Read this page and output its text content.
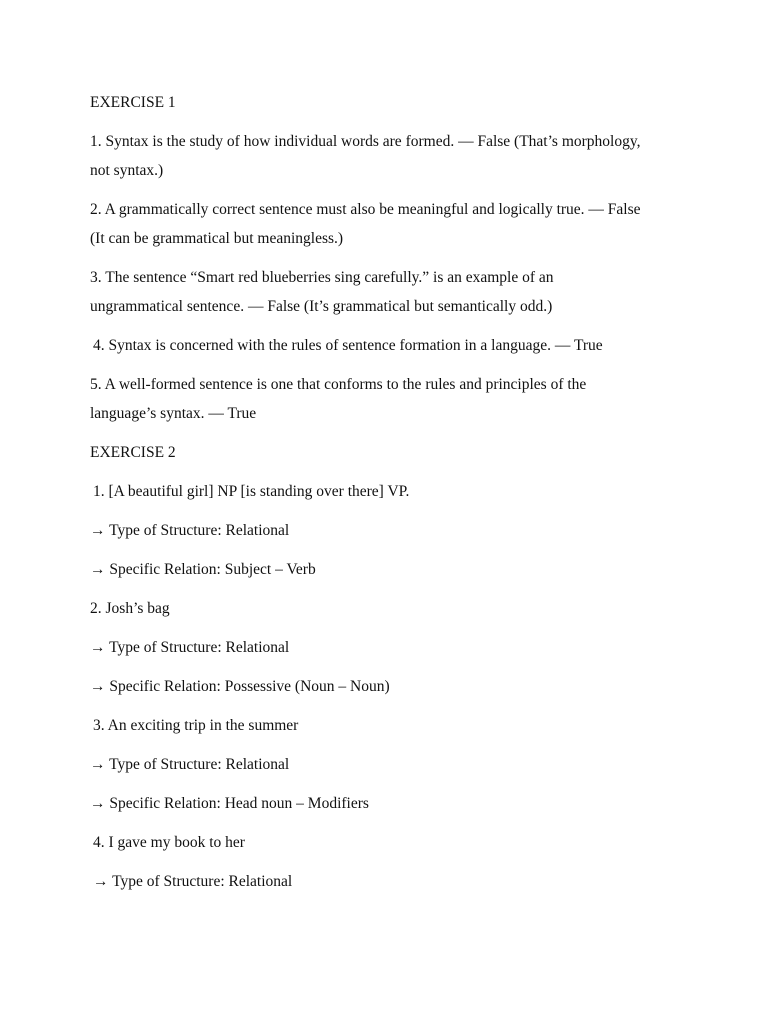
EXERCISE 1
1. Syntax is the study of how individual words are formed. — False (That’s morphology,
not syntax.)
2. A grammatically correct sentence must also be meaningful and logically true. — False
(It can be grammatical but meaningless.)
3. The sentence “Smart red blueberries sing carefully.” is an example of an
ungrammatical sentence. — False (It’s grammatical but semantically odd.)
4. Syntax is concerned with the rules of sentence formation in a language. — True
5. A well-formed sentence is one that conforms to the rules and principles of the
language’s syntax. — True
EXERCISE 2
1. [A beautiful girl] NP [is standing over there] VP.
→ Type of Structure: Relational
→ Specific Relation: Subject – Verb
2. Josh’s bag
→ Type of Structure: Relational
→ Specific Relation: Possessive (Noun – Noun)
3. An exciting trip in the summer
→ Type of Structure: Relational
→ Specific Relation: Head noun – Modifiers
4. I gave my book to her
→ Type of Structure: Relational
